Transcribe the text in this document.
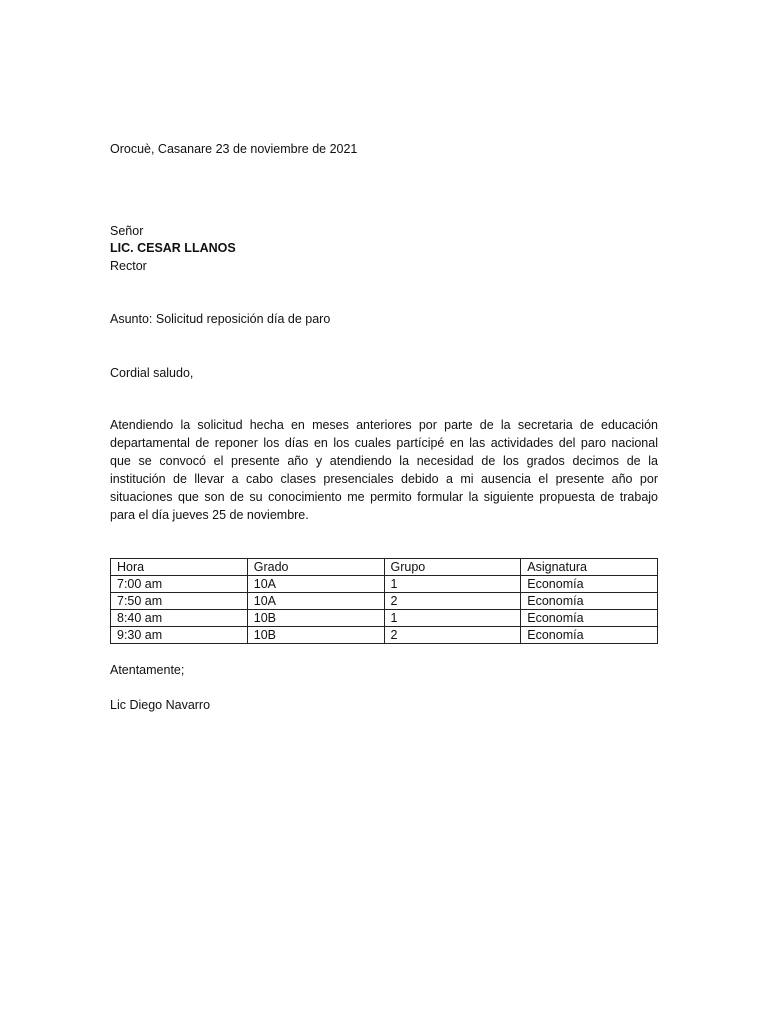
Orocuè, Casanare 23 de noviembre de 2021
Señor
LIC. CESAR LLANOS
Rector
Asunto: Solicitud reposición día de paro
Cordial saludo,
Atendiendo la solicitud hecha en meses anteriores por parte de la secretaria de educación
departamental de reponer los días en los cuales partícipé en las actividades del paro nacional
que se convocó el presente año y atendiendo la necesidad de los grados decimos de la
institución de llevar a cabo clases presenciales debido a mi ausencia el presente año por
situaciones que son de su conocimiento me permito formular la siguiente propuesta de trabajo
para el día jueves 25 de noviembre.
Hora	Grado	Grupo	Asignatura
7:00 am	10A	1	Economía
7:50 am	10A	2	Economía
8:40 am	10B	1	Economía
9:30 am	10B	2	Economía
Atentamente;
Lic Diego Navarro
